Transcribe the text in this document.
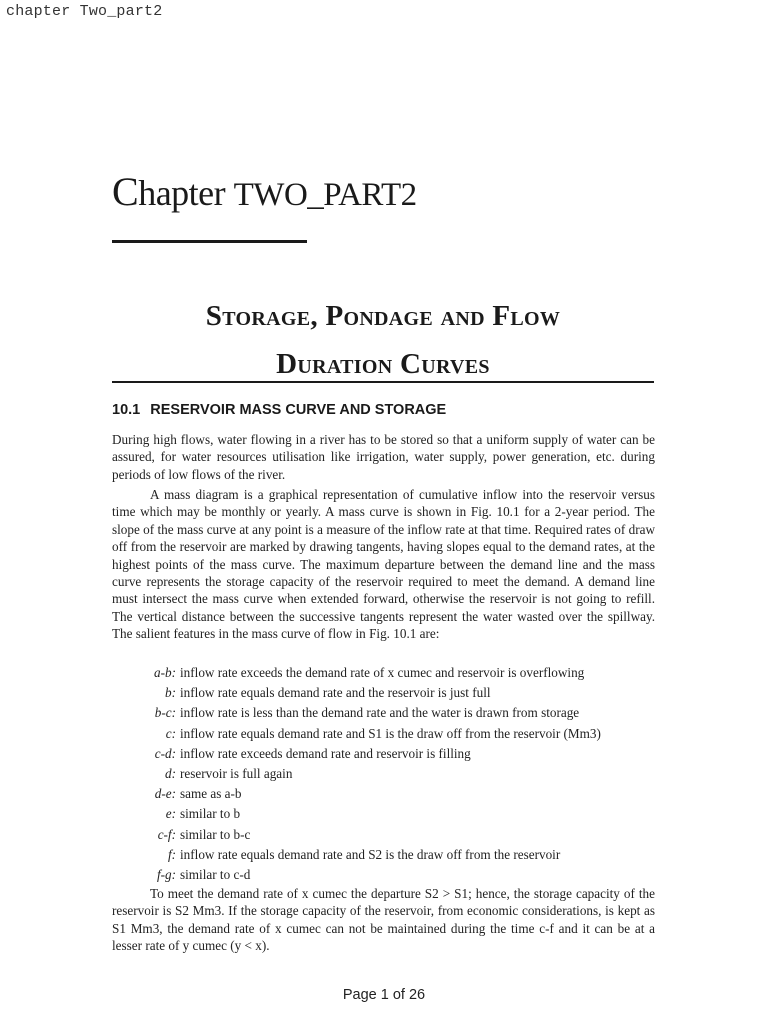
chapter Two_part2
Chapter TWO_PART2
Storage, Pondage and Flow
Duration Curves
10.1 RESERVOIR MASS CURVE AND STORAGE

During high flows, water flowing in a river has to be stored so that a uniform supply of water can be assured, for water resources utilisation like irrigation, water supply, power generation, etc. during periods of low flows of the river.

A mass diagram is a graphical representation of cumulative inflow into the reservoir versus time which may be monthly or yearly. A mass curve is shown in Fig. 10.1 for a 2-year period. The slope of the mass curve at any point is a measure of the inflow rate at that time. Required rates of draw off from the reservoir are marked by drawing tangents, having slopes equal to the demand rates, at the highest points of the mass curve. The maximum departure between the demand line and the mass curve represents the storage capacity of the reservoir required to meet the demand. A demand line must intersect the mass curve when extended forward, otherwise the reservoir is not going to refill. The vertical distance between the successive tangents represent the water wasted over the spillway. The salient features in the mass curve of flow in Fig. 10.1 are:

a-b: inflow rate exceeds the demand rate of x cumec and reservoir is overflowing
b: inflow rate equals demand rate and the reservoir is just full
b-c: inflow rate is less than the demand rate and the water is drawn from storage
c: inflow rate equals demand rate and S1 is the draw off from the reservoir (Mm3)
c-d: inflow rate exceeds demand rate and reservoir is filling
d: reservoir is full again
d-e: same as a-b
e: similar to b
c-f: similar to b-c
f: inflow rate equals demand rate and S2 is the draw off from the reservoir
f-g: similar to c-d

To meet the demand rate of x cumec the departure S2 > S1; hence, the storage capacity of the reservoir is S2 Mm3. If the storage capacity of the reservoir, from economic considerations, is kept as S1 Mm3, the demand rate of x cumec can not be maintained during the time c-f and it can be at a lesser rate of y cumec (y < x).

Page 1 of 26
